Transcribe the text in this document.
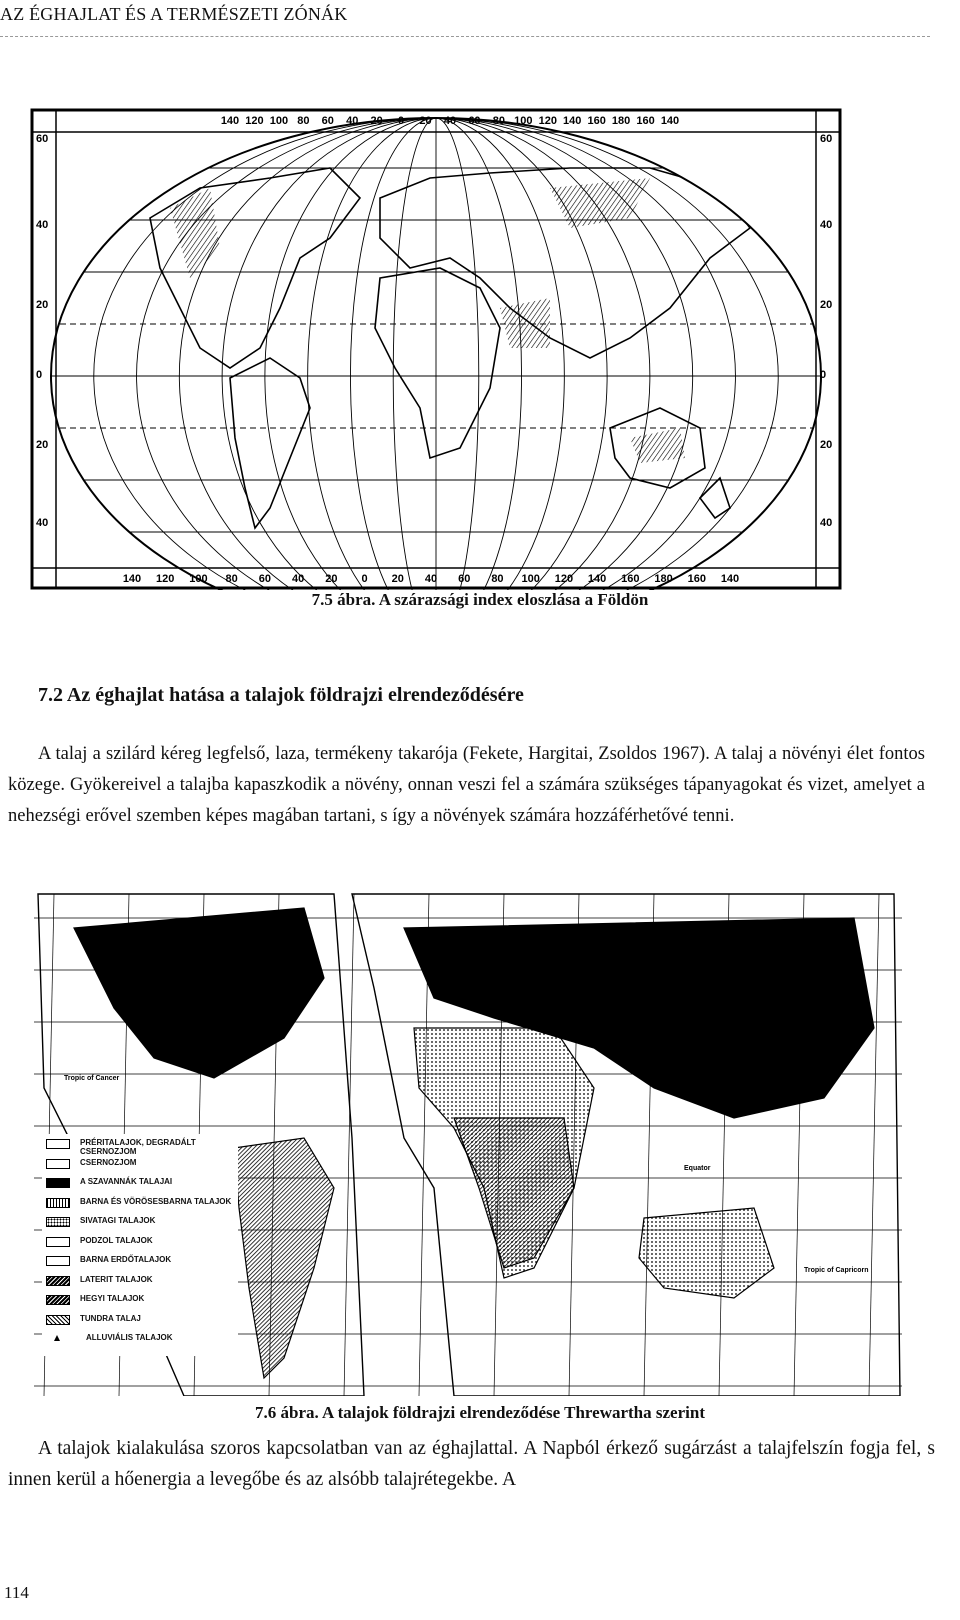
AZ ÉGHAJLAT ÉS A TERMÉSZETI ZÓNÁK
140 120 100 80 60 40 20 0 20 40 60 80 100 120 140 160 180 160 140
140 120 100 80 60 40 20 0 20 40 60 80 100 120 140 160 180 160 140
60
40
20
0
20
40
60
40
20
0
20
40
7.5 ábra. A szárazsági index eloszlása a Földön
7.2 Az éghajlat hatása a talajok földrajzi elrendeződésére
A talaj a szilárd kéreg legfelső, laza, termékeny takarója (Fekete, Hargitai, Zsoldos 1967). A talaj a növényi élet fontos közege. Gyökereivel a talajba kapaszkodik a növény, onnan veszi fel a számára szükséges tápanyagokat és vizet, amelyet a nehezségi erővel szemben képes magában tartani, s így a növények számára hozzáférhetővé tenni.
Tropic of Cancer
Equator
Tropic of Capricorn
PRÉRITALAJOK, DEGRADÁLT CSERNOZJOM
CSERNOZJOM
A SZAVANNÁK TALAJAI
BARNA ÉS VÖRÖSESBARNA TALAJOK
SIVATAGI TALAJOK
PODZOL TALAJOK
BARNA ERDŐTALAJOK
LATERIT TALAJOK
HEGYI TALAJOK
TUNDRA TALAJ
ALLUVIÁLIS TALAJOK
7.6 ábra. A talajok földrajzi elrendeződése Threwartha szerint
A talajok kialakulása szoros kapcsolatban van az éghajlattal. A Napból érkező sugárzást a talajfelszín fogja fel, s innen kerül a hőenergia a levegőbe és az alsóbb talajrétegekbe. A
114
